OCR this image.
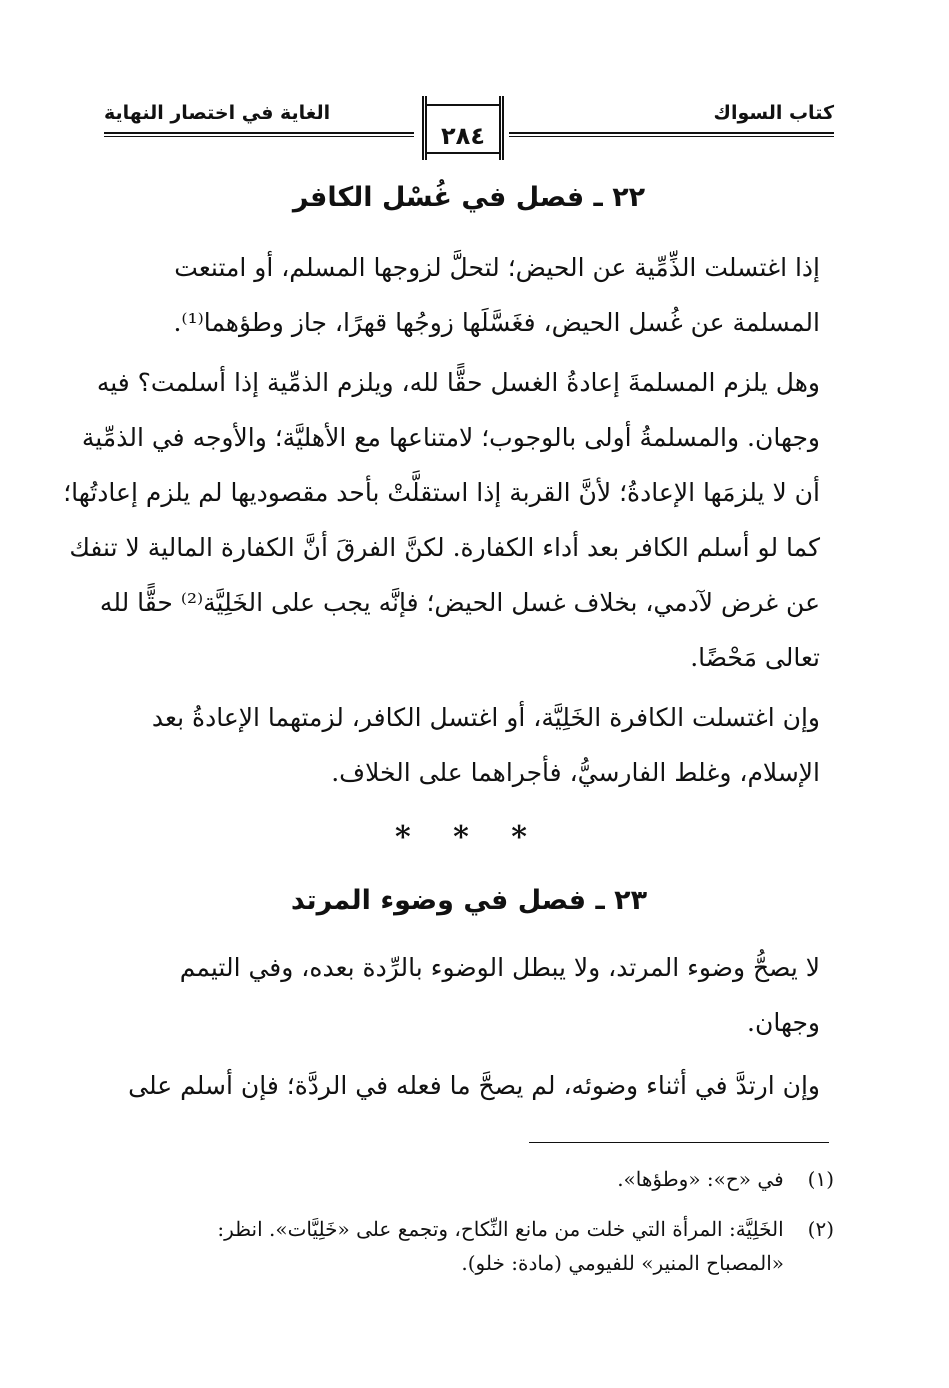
كتاب السواك
الغاية في اختصار النهاية
٢٨٤
٢٢ ـ فصل في غُسْل الكافر
إذا اغتسلت الذِّمِّية عن الحيض؛ لتحلَّ لزوجها المسلم، أو امتنعت
المسلمة عن غُسل الحيض، فغَسَّلَها زوجُها قهرًا، جاز وطؤهما⁽¹⁾.
وهل يلزم المسلمةَ إعادةُ الغسل حقًّا لله، ويلزم الذمِّية إذا أسلمت؟ فيه
وجهان. والمسلمةُ أولى بالوجوب؛ لامتناعها مع الأهليَّة؛ والأوجه في الذمِّية
أن لا يلزمَها الإعادةُ؛ لأنَّ القربة إذا استقلَّتْ بأحد مقصوديها لم يلزم إعادتُها؛
كما لو أسلم الكافر بعد أداء الكفارة. لكنَّ الفرقَ أنَّ الكفارة المالية لا تنفك
عن غرض لآدمي، بخلاف غسل الحيض؛ فإنَّه يجب على الخَلِيَّة⁽²⁾ حقًّا لله
تعالى مَحْضًا.
وإن اغتسلت الكافرة الخَلِيَّة، أو اغتسل الكافر، لزمتهما الإعادةُ بعد
الإسلام، وغلط الفارسيُّ، فأجراهما على الخلاف.
* * *
٢٣ ـ فصل في وضوء المرتد
لا يصحُّ وضوء المرتد، ولا يبطل الوضوء بالرِّدة بعده، وفي التيمم
وجهان.
وإن ارتدَّ في أثناء وضوئه، لم يصحَّ ما فعله في الردَّة؛ فإن أسلم على
(١) في «ح»: «وطؤها».
(٢) الخَلِيَّة: المرأة التي خلت من مانع النِّكاح، وتجمع على «خَلِيَّات». انظر:
«المصباح المنير» للفيومي (مادة: خلو).
